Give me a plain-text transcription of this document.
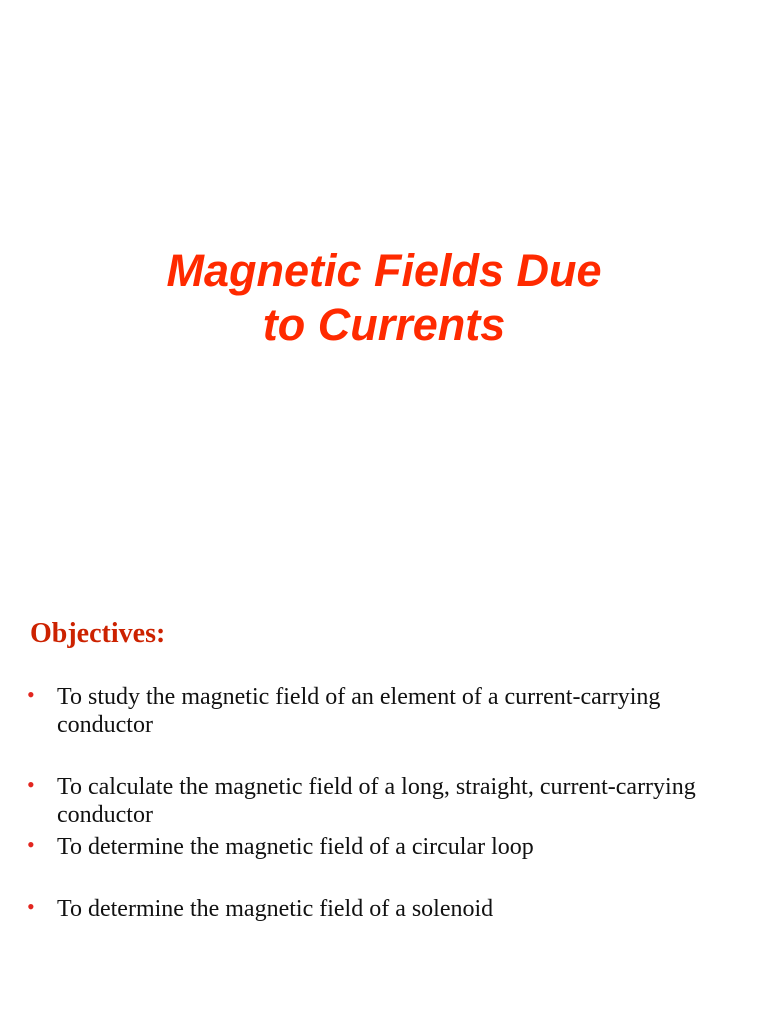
Magnetic Fields Due
to Currents
Objectives:
• To study the magnetic field of an element of a current-carrying conductor
• To calculate the magnetic field of a long, straight, current-carrying conductor
• To determine the magnetic field of a circular loop
• To determine the magnetic field of a solenoid
